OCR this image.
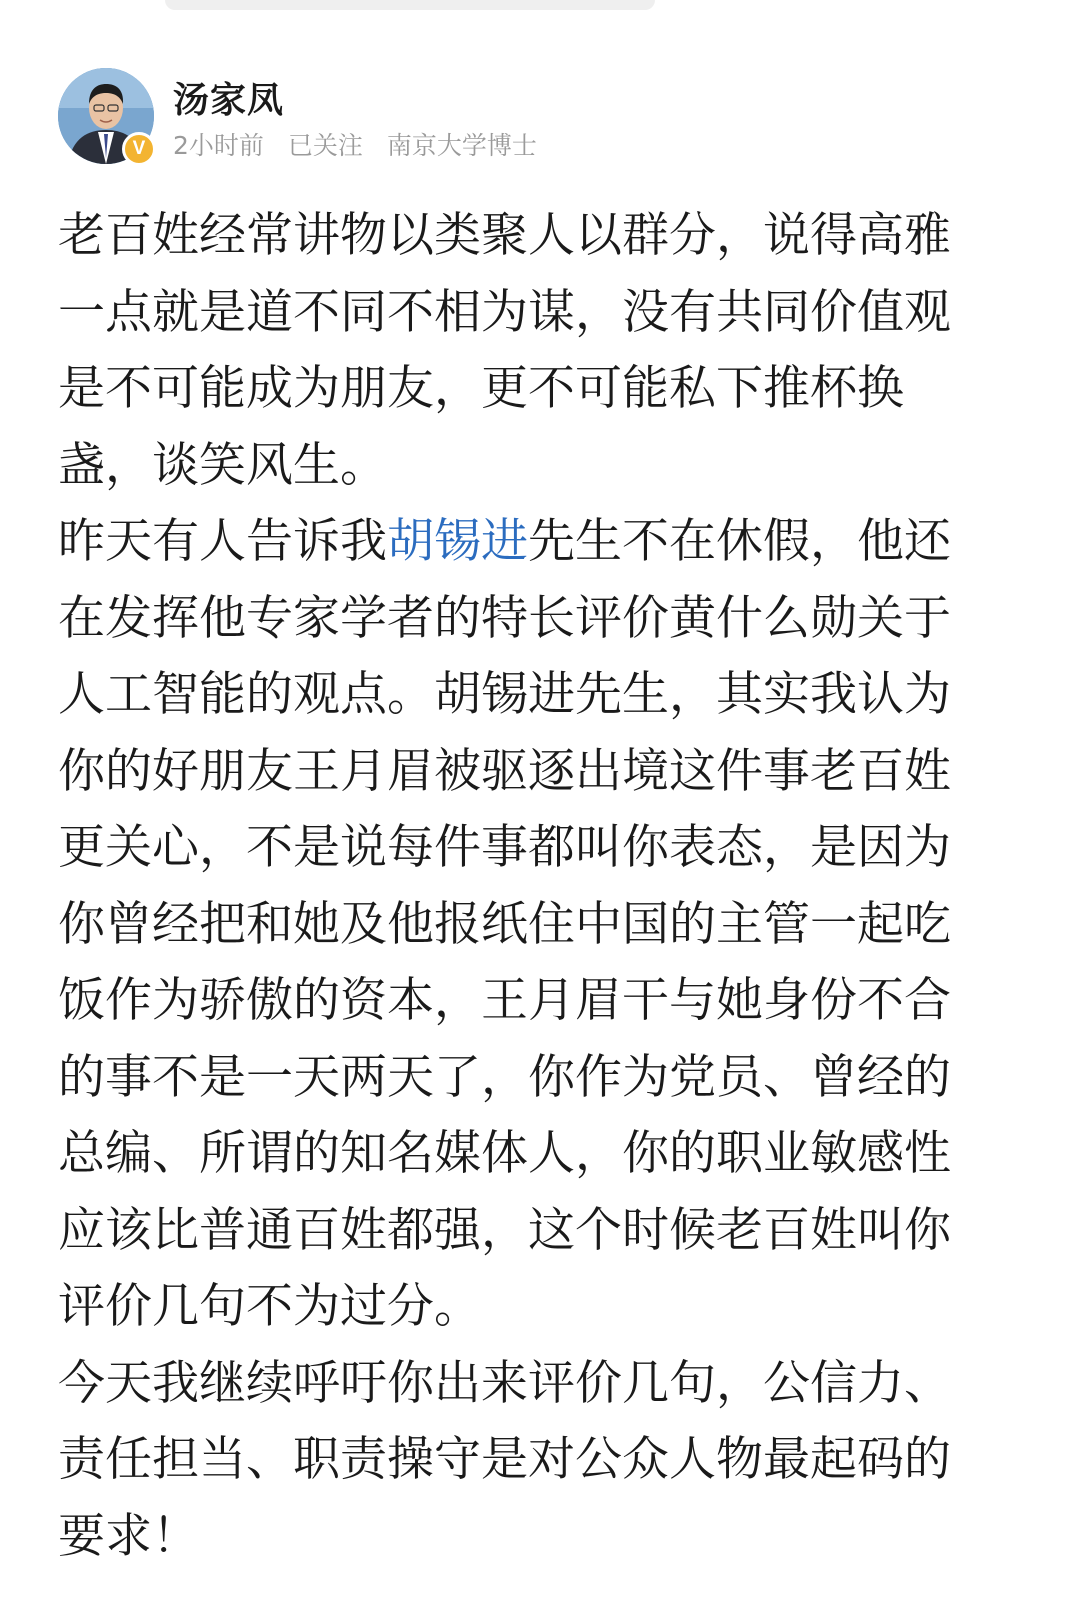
V
汤家凤
2小时前 已关注 南京大学博士

老百姓经常讲物以类聚人以群分，说得高雅一点就是道不同不相为谋，没有共同价值观是不可能成为朋友，更不可能私下推杯换盏，谈笑风生。

昨天有人告诉我胡锡进先生不在休假，他还在发挥他专家学者的特长评价黄什么勋关于人工智能的观点。胡锡进先生，其实我认为你的好朋友王月眉被驱逐出境这件事老百姓更关心，不是说每件事都叫你表态，是因为你曾经把和她及他报纸住中国的主管一起吃饭作为骄傲的资本，王月眉干与她身份不合的事不是一天两天了，你作为党员、曾经的总编、所谓的知名媒体人，你的职业敏感性应该比普通百姓都强，这个时候老百姓叫你评价几句不为过分。

今天我继续呼吁你出来评价几句，公信力、责任担当、职责操守是对公众人物最起码的要求！
